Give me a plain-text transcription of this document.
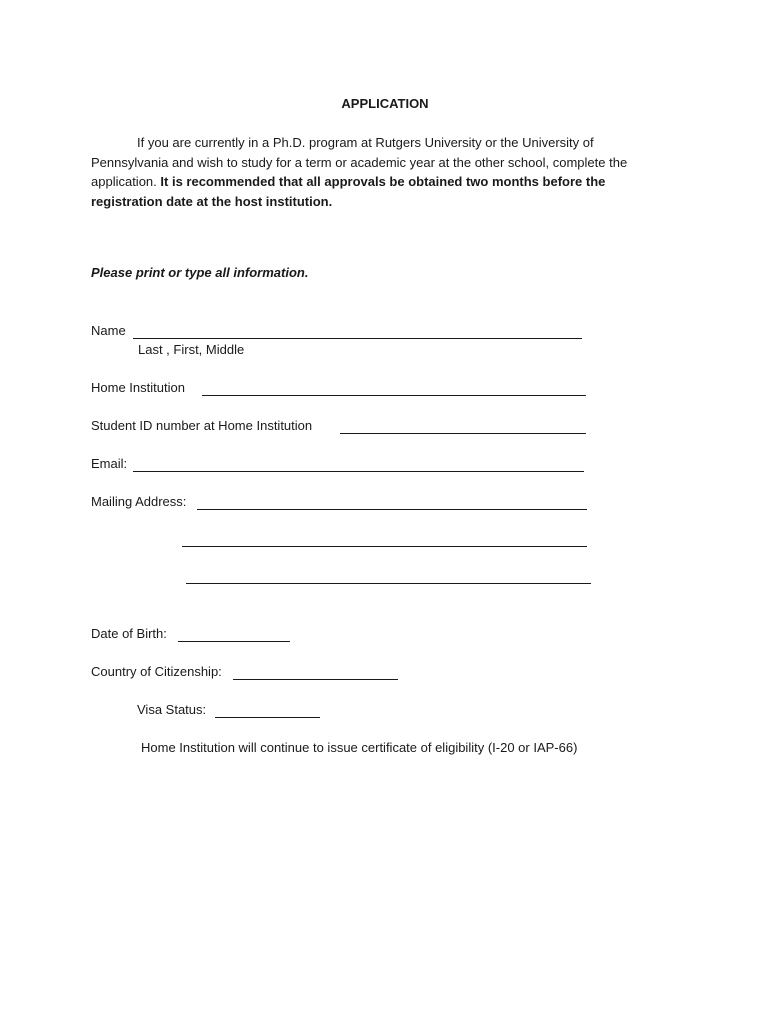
APPLICATION
If you are currently in a Ph.D. program at Rutgers University or the University of Pennsylvania and wish to study for a term or academic year at the other school, complete the application. It is recommended that all approvals be obtained two months before the registration date at the host institution.
Please print or type all information.
Name
Last , First, Middle
Home Institution
Student ID number at Home Institution
Email:
Mailing Address:
Date of Birth:
Country of Citizenship:
Visa Status:
Home Institution will continue to issue certificate of eligibility (I-20 or IAP-66)
